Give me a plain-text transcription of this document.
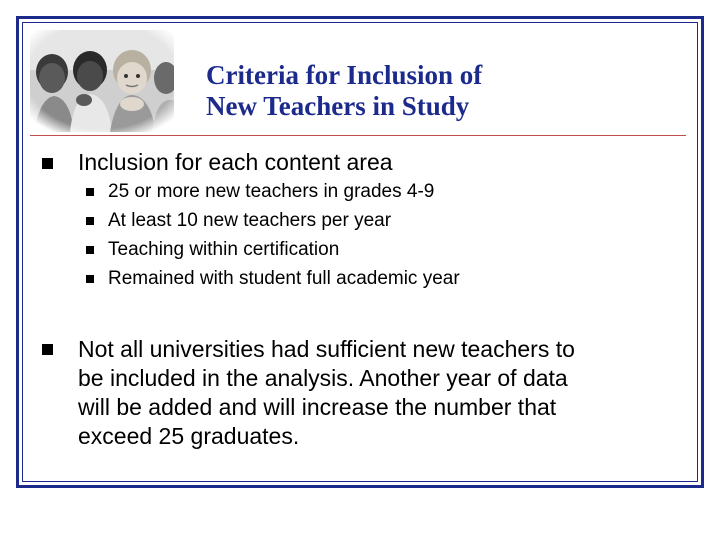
Criteria for Inclusion of
New Teachers in Study
Inclusion for each content area
25 or more new teachers in grades 4-9
At least 10 new teachers per year
Teaching within certification
Remained with student full academic year
Not all universities had sufficient new teachers to
be included in the analysis. Another year of data
will be added and will increase the number that
exceed 25 graduates.
